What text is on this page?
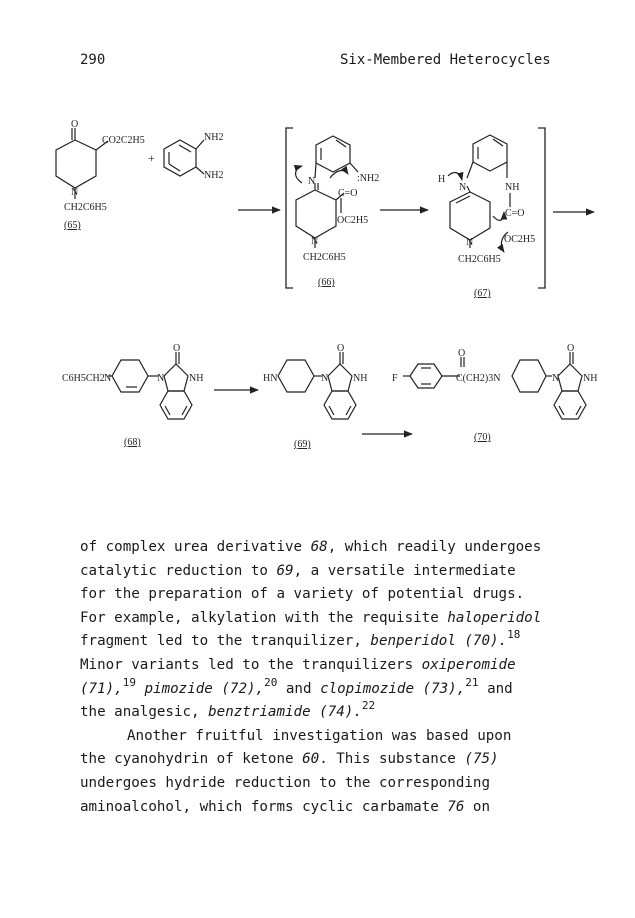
290	Six-Membered Heterocycles
O
CO2C2H5
N
CH2C6H5
(65)
+
NH2
NH2
N	:NH2
C=O
OC2H5
N
CH2C6H5
(66)
H
N	NH
C=O
OC2H5
N
CH2C6H5
(67)
C6H5CH2 N	N
O
NH
(68)
HN	N
O
NH
(69)
F
O
C(CH2)3N	N
O
NH
(70)
of complex urea derivative 68, which readily undergoes
catalytic reduction to 69, a versatile intermediate
for the preparation of a variety of potential drugs.
For example, alkylation with the requisite haloperidol
fragment led to the tranquilizer, benperidol (70).$^{18}$
Minor variants led to the tranquilizers oxiperomide
(71),$^{19}$ pimozide (72),$^{20}$ and clopimozide (73),$^{21}$ and
the analgesic, benztriamide (74).$^{22}$
Another fruitful investigation was based upon
the cyanohydrin of ketone 60. This substance (75)
undergoes hydride reduction to the corresponding
aminoalcohol, which forms cyclic carbamate 76 on
